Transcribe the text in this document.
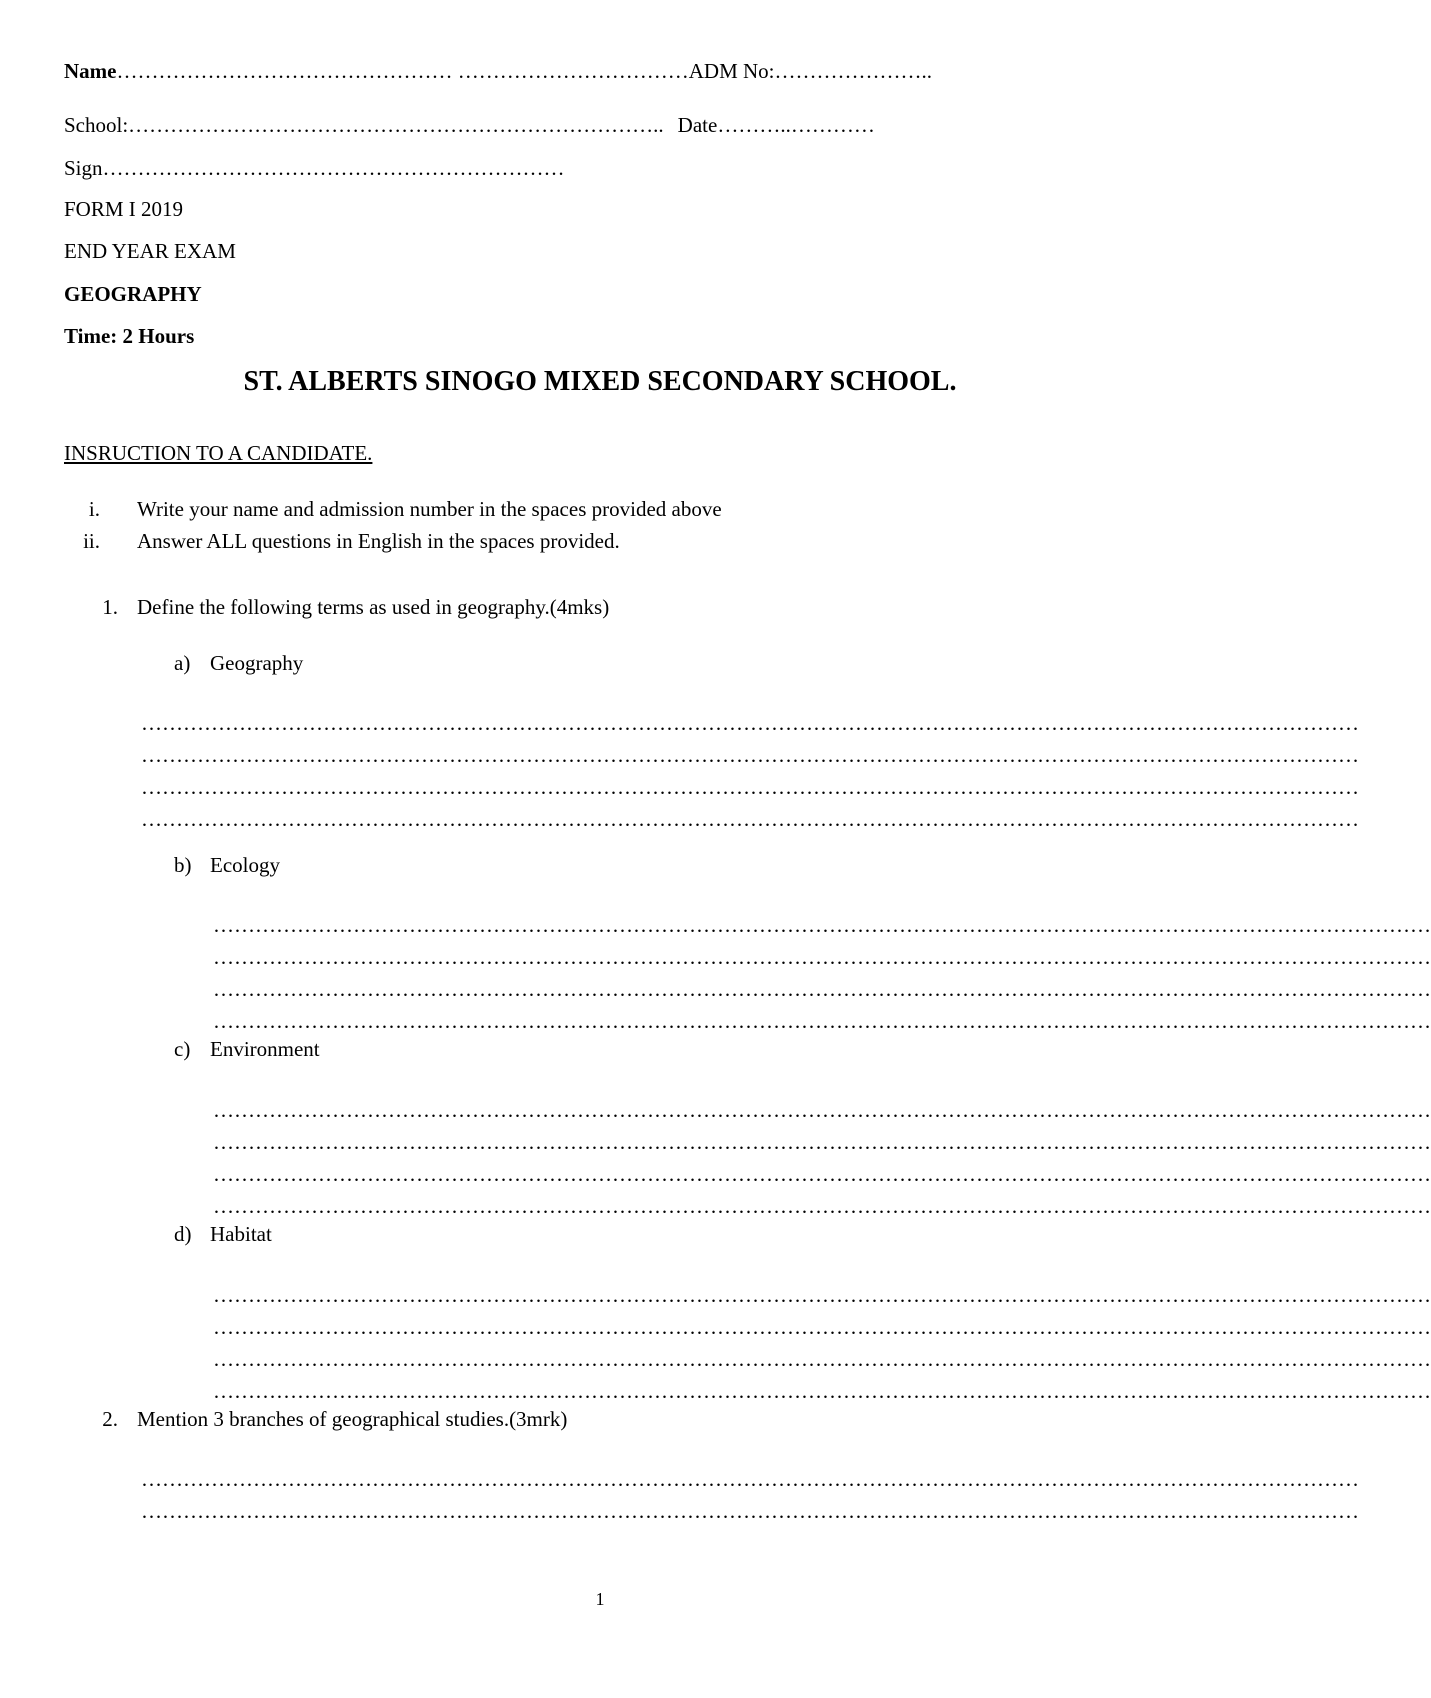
Name………………………………………… ……………………………ADM No:…………………..
School:………………………………………………………………….. Date………..…………
Sign…………………………………………………………
FORM I 2019
END YEAR EXAM
GEOGRAPHY
Time: 2 Hours
ST. ALBERTS SINOGO MIXED SECONDARY SCHOOL.
INSRUCTION TO A CANDIDATE.
i. Write your name and admission number in the spaces provided above
ii. Answer ALL questions in English in the spaces provided.
1. Define the following terms as used in geography.(4mks)
a) Geography
…………………………………………………………………………………………………………………………………………………………
…………………………………………………………………………………………………………………………………………………………
…………………………………………………………………………………………………………………………………………………………
…………………………………………………………………………………………………………………………………………………………
b) Ecology
…………………………………………………………………………………………………………………………………………………………
…………………………………………………………………………………………………………………………………………………………
…………………………………………………………………………………………………………………………………………………………
…………………………………………………………………………………………………………………………………………………………
c) Environment
…………………………………………………………………………………………………………………………………………………………
…………………………………………………………………………………………………………………………………………………………
…………………………………………………………………………………………………………………………………………………………
…………………………………………………………………………………………………………………………………………………………
d) Habitat
…………………………………………………………………………………………………………………………………………………………
…………………………………………………………………………………………………………………………………………………………
…………………………………………………………………………………………………………………………………………………………
…………………………………………………………………………………………………………………………………………………………
2. Mention 3 branches of geographical studies.(3mrk)
…………………………………………………………………………………………………………………………………………………………
…………………………………………………………………………………………………………………………………………………………
1
